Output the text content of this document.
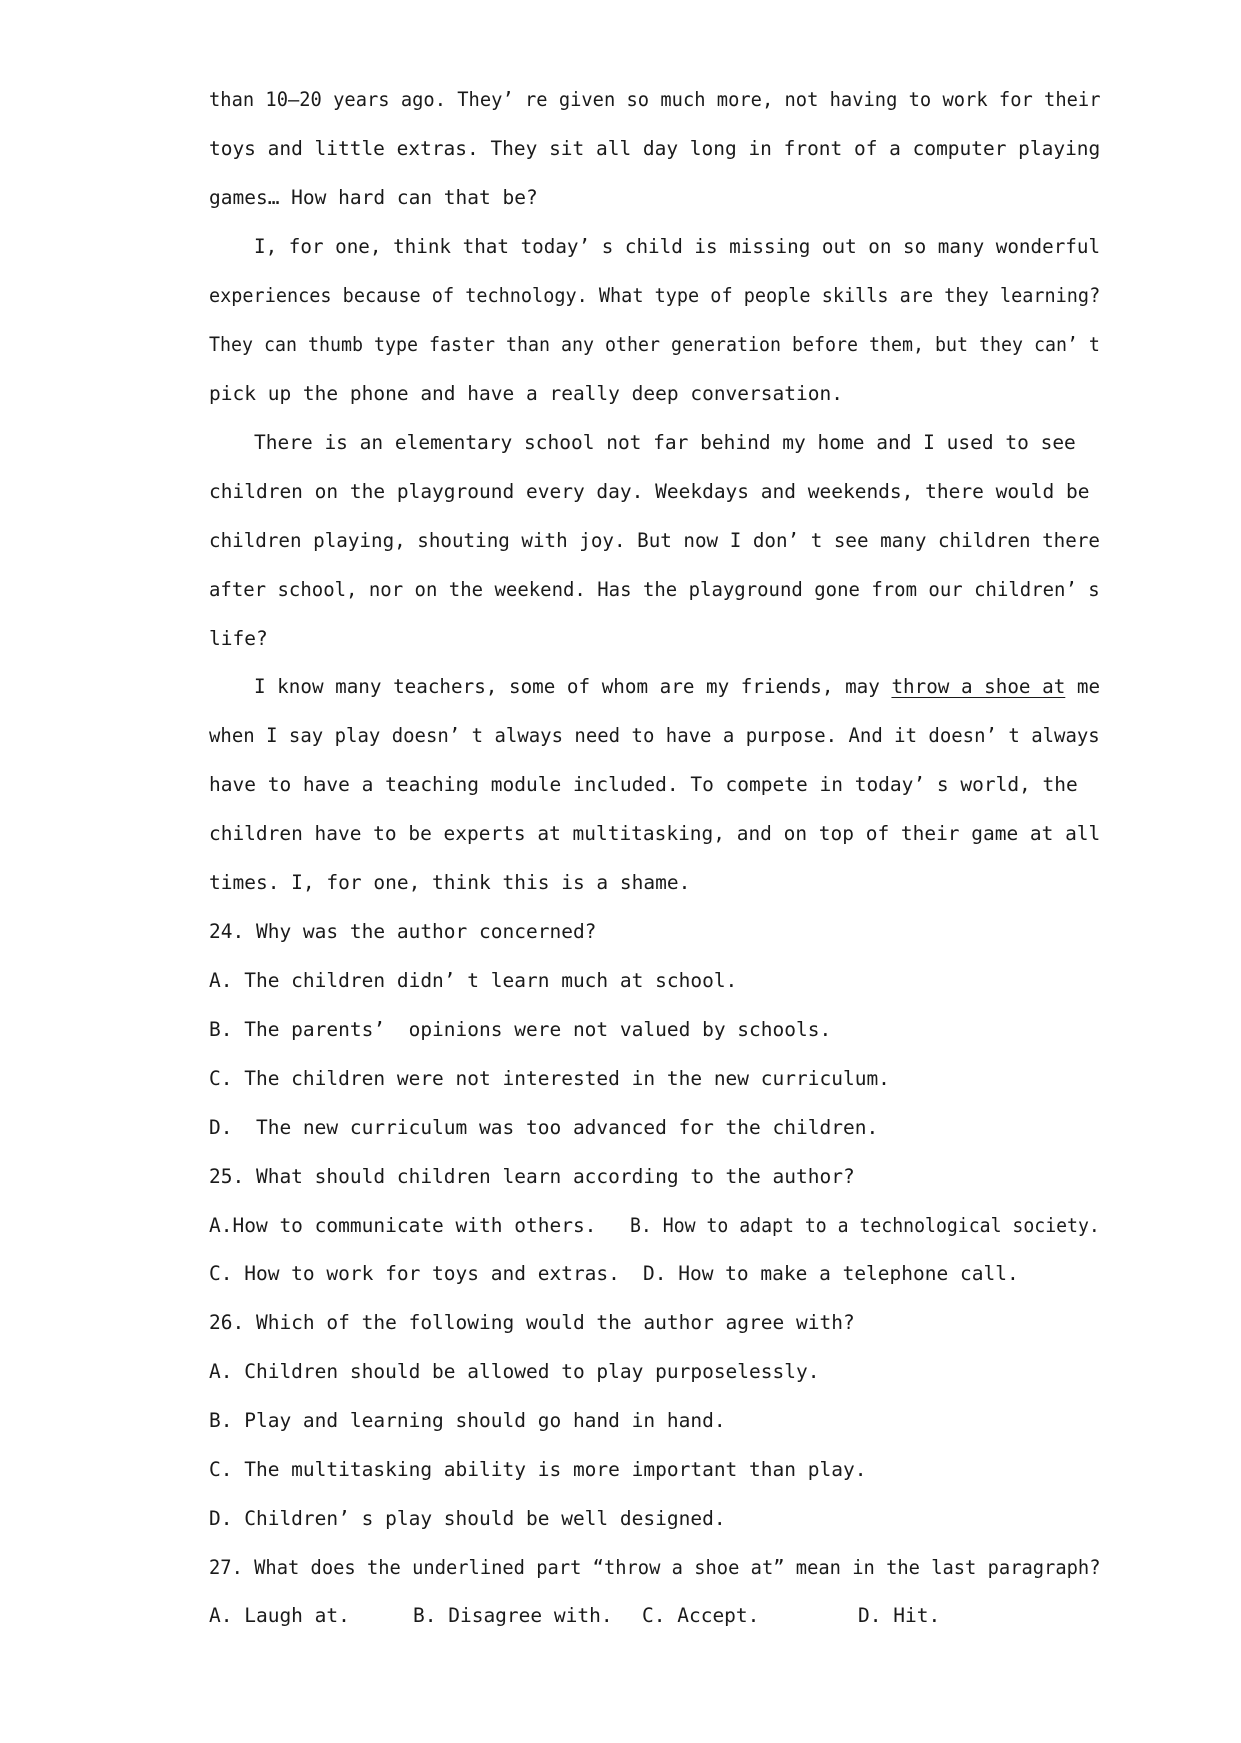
than 10—20 years ago. They’ re given so much more, not having to work for their
toys and little extras. They sit all day long in front of a computer playing
games… How hard can that be?
I, for one, think that today’ s child is missing out on so many wonderful
experiences because of technology. What type of people skills are they learning?
They can thumb type faster than any other generation before them, but they can’ t
pick up the phone and have a really deep conversation.
There is an elementary school not far behind my home and I used to see
children on the playground every day. Weekdays and weekends, there would be
children playing, shouting with joy. But now I don’ t see many children there
after school, nor on the weekend. Has the playground gone from our children’ s
life?
I know many teachers, some of whom are my friends, may throw a shoe at me
when I say play doesn’ t always need to have a purpose. And it doesn’ t always
have to have a teaching module included. To compete in today’ s world, the
children have to be experts at multitasking, and on top of their game at all
times. I, for one, think this is a shame.
24. Why was the author concerned?
A. The children didn’ t learn much at school.
B. The parents’  opinions were not valued by schools.
C. The children were not interested in the new curriculum.
D.  The new curriculum was too advanced for the children.
25. What should children learn according to the author?
A.How to communicate with others. B. How to adapt to a technological society.
C. How to work for toys and extras. D. How to make a telephone call.
26. Which of the following would the author agree with?
A. Children should be allowed to play purposelessly.
B. Play and learning should go hand in hand.
C. The multitasking ability is more important than play.
D. Children’ s play should be well designed.
27. What does the underlined part “throw a shoe at” mean in the last paragraph?
A. Laugh at.	B. Disagree with. C. Accept.	D. Hit.
